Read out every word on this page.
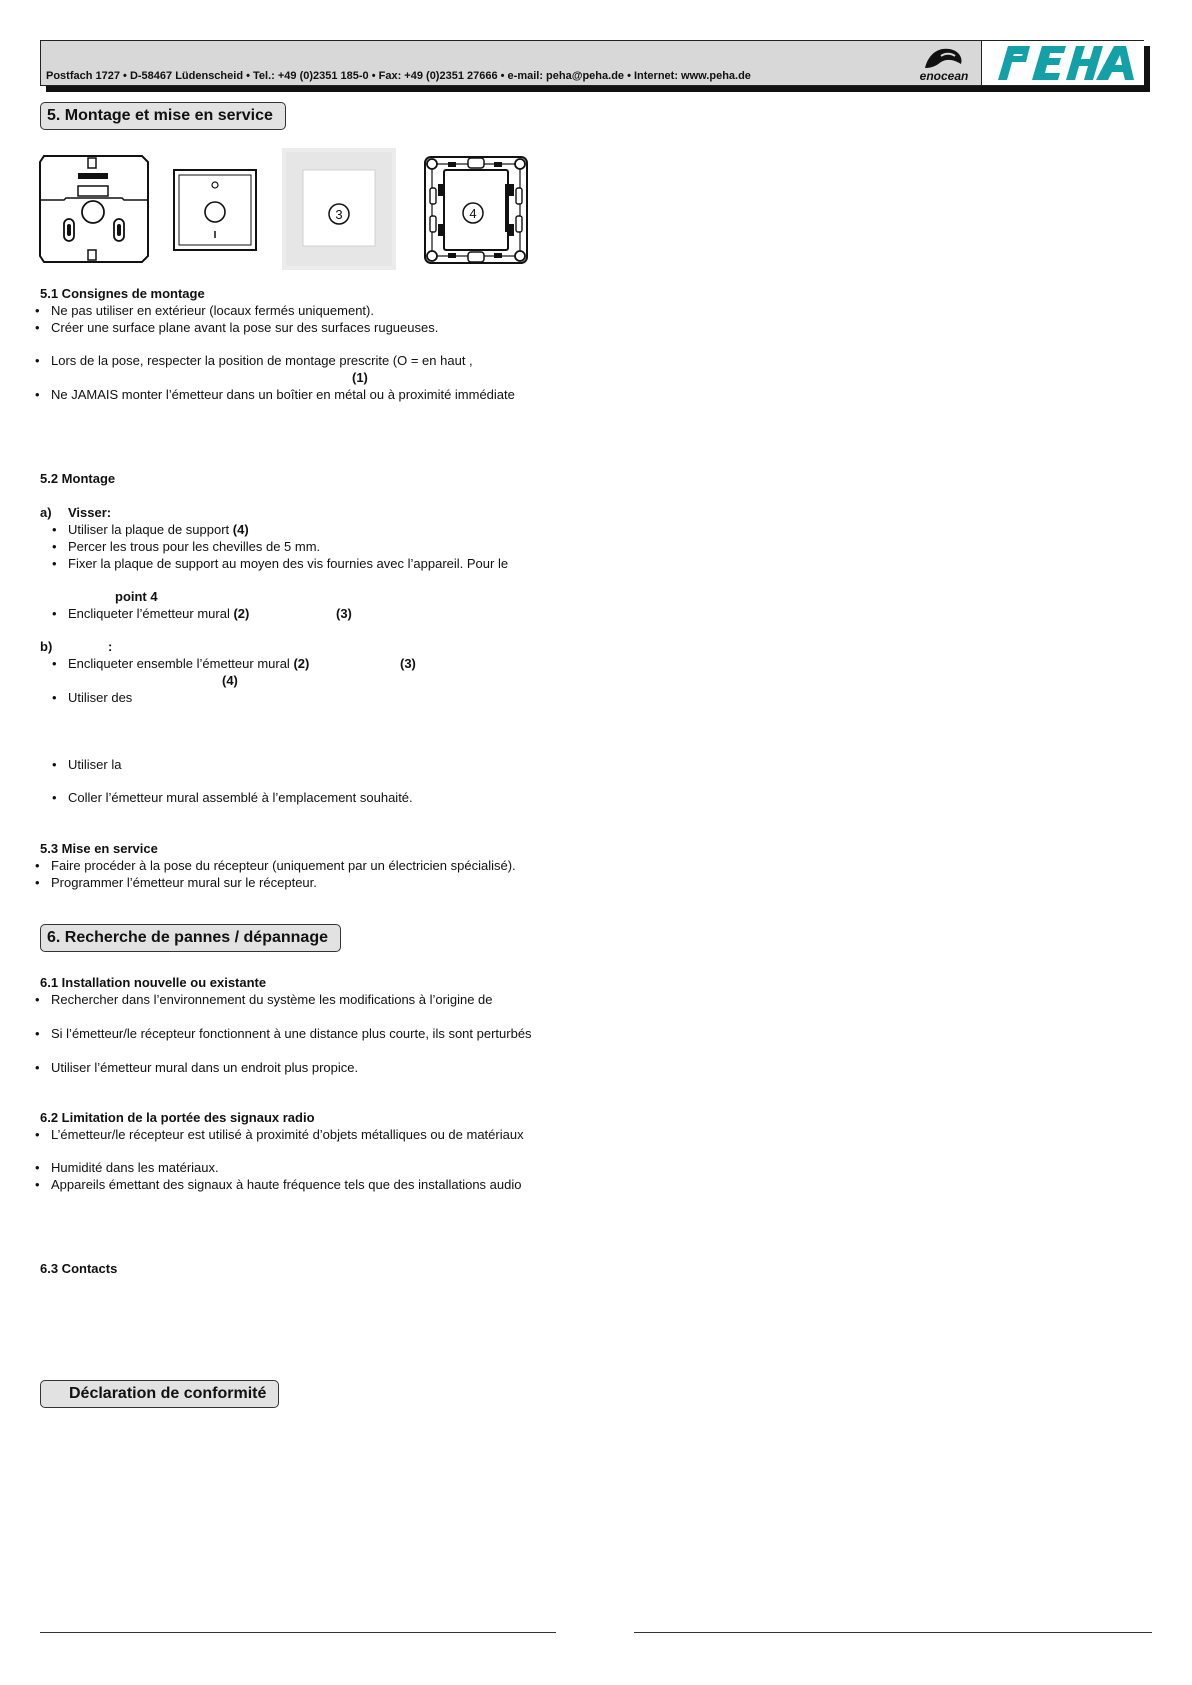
Postfach 1727 • D-58467 Lüdenscheid • Tel.: +49 (0)2351 185-0 • Fax: +49 (0)2351 27666 • e-mail: peha@peha.de • Internet: www.peha.de	enocean
5. Montage et mise en service
3	4
5.1 Consignes de montage
• Ne pas utiliser en extérieur (locaux fermés uniquement).
• Créer une surface plane avant la pose sur des surfaces rugueuses.
• Lors de la pose, respecter la position de montage prescrite (O = en haut ,
(1)
• Ne JAMAIS monter l’émetteur dans un boîtier en métal ou à proximité immédiate
5.2 Montage
a) Visser:
• Utiliser la plaque de support (4)
• Percer les trous pour les chevilles de 5 mm.
• Fixer la plaque de support au moyen des vis fournies avec l’appareil. Pour le
point 4
• Encliqueter l’émetteur mural (2)	(3)
b)	:
• Encliqueter ensemble l’émetteur mural (2)	(3)
(4)
• Utiliser des
• Utiliser la
• Coller l’émetteur mural assemblé à l’emplacement souhaité.
5.3 Mise en service
• Faire procéder à la pose du récepteur (uniquement par un électricien spécialisé).
• Programmer l’émetteur mural sur le récepteur.
6. Recherche de pannes / dépannage
6.1 Installation nouvelle ou existante
• Rechercher dans l’environnement du système les modifications à l’origine de
• Si l’émetteur/le récepteur fonctionnent à une distance plus courte, ils sont perturbés
• Utiliser l’émetteur mural dans un endroit plus propice.
6.2 Limitation de la portée des signaux radio
• L’émetteur/le récepteur est utilisé à proximité d’objets métalliques ou de matériaux
• Humidité dans les matériaux.
• Appareils émettant des signaux à haute fréquence tels que des installations audio
6.3 Contacts
Déclaration de conformité
